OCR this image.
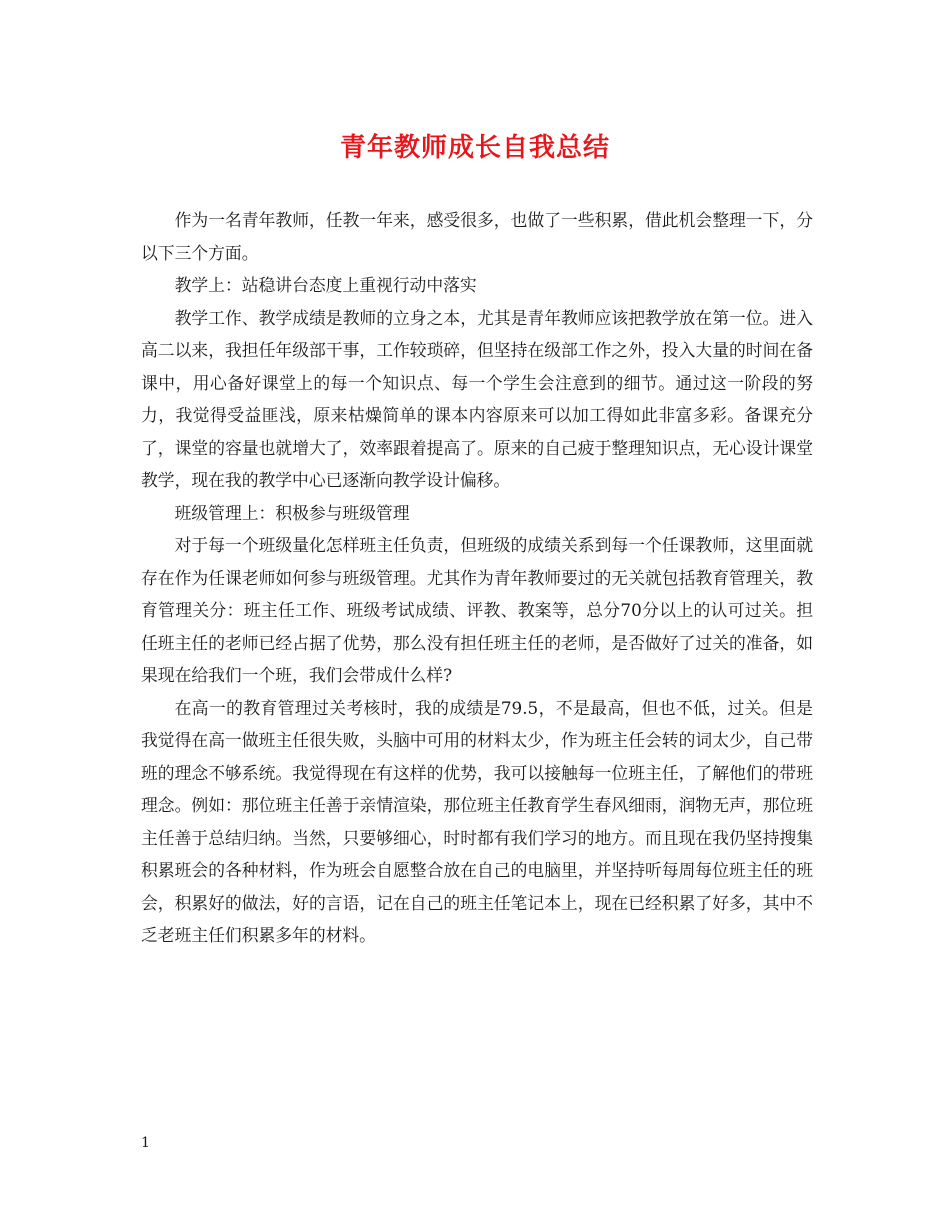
青年教师成长自我总结

作为一名青年教师，任教一年来，感受很多，也做了一些积累，借此机会整理一下，分以下三个方面。

教学上：站稳讲台态度上重视行动中落实

教学工作、教学成绩是教师的立身之本，尤其是青年教师应该把教学放在第一位。进入高二以来，我担任年级部干事，工作较琐碎，但坚持在级部工作之外，投入大量的时间在备课中，用心备好课堂上的每一个知识点、每一个学生会注意到的细节。通过这一阶段的努力，我觉得受益匪浅，原来枯燥简单的课本内容原来可以加工得如此非富多彩。备课充分了，课堂的容量也就增大了，效率跟着提高了。原来的自己疲于整理知识点，无心设计课堂教学，现在我的教学中心已逐渐向教学设计偏移。

班级管理上：积极参与班级管理

对于每一个班级量化怎样班主任负责，但班级的成绩关系到每一个任课教师，这里面就存在作为任课老师如何参与班级管理。尤其作为青年教师要过的无关就包括教育管理关，教育管理关分：班主任工作、班级考试成绩、评教、教案等，总分70分以上的认可过关。担任班主任的老师已经占据了优势，那么没有担任班主任的老师，是否做好了过关的准备，如果现在给我们一个班，我们会带成什么样?

在高一的教育管理过关考核时，我的成绩是79.5，不是最高，但也不低，过关。但是我觉得在高一做班主任很失败，头脑中可用的材料太少，作为班主任会转的词太少，自己带班的理念不够系统。我觉得现在有这样的优势，我可以接触每一位班主任，了解他们的带班理念。例如：那位班主任善于亲情渲染，那位班主任教育学生春风细雨，润物无声，那位班主任善于总结归纳。当然，只要够细心，时时都有我们学习的地方。而且现在我仍坚持搜集积累班会的各种材料，作为班会自愿整合放在自己的电脑里，并坚持听每周每位班主任的班会，积累好的做法，好的言语，记在自己的班主任笔记本上，现在已经积累了好多，其中不乏老班主任们积累多年的材料。

1
